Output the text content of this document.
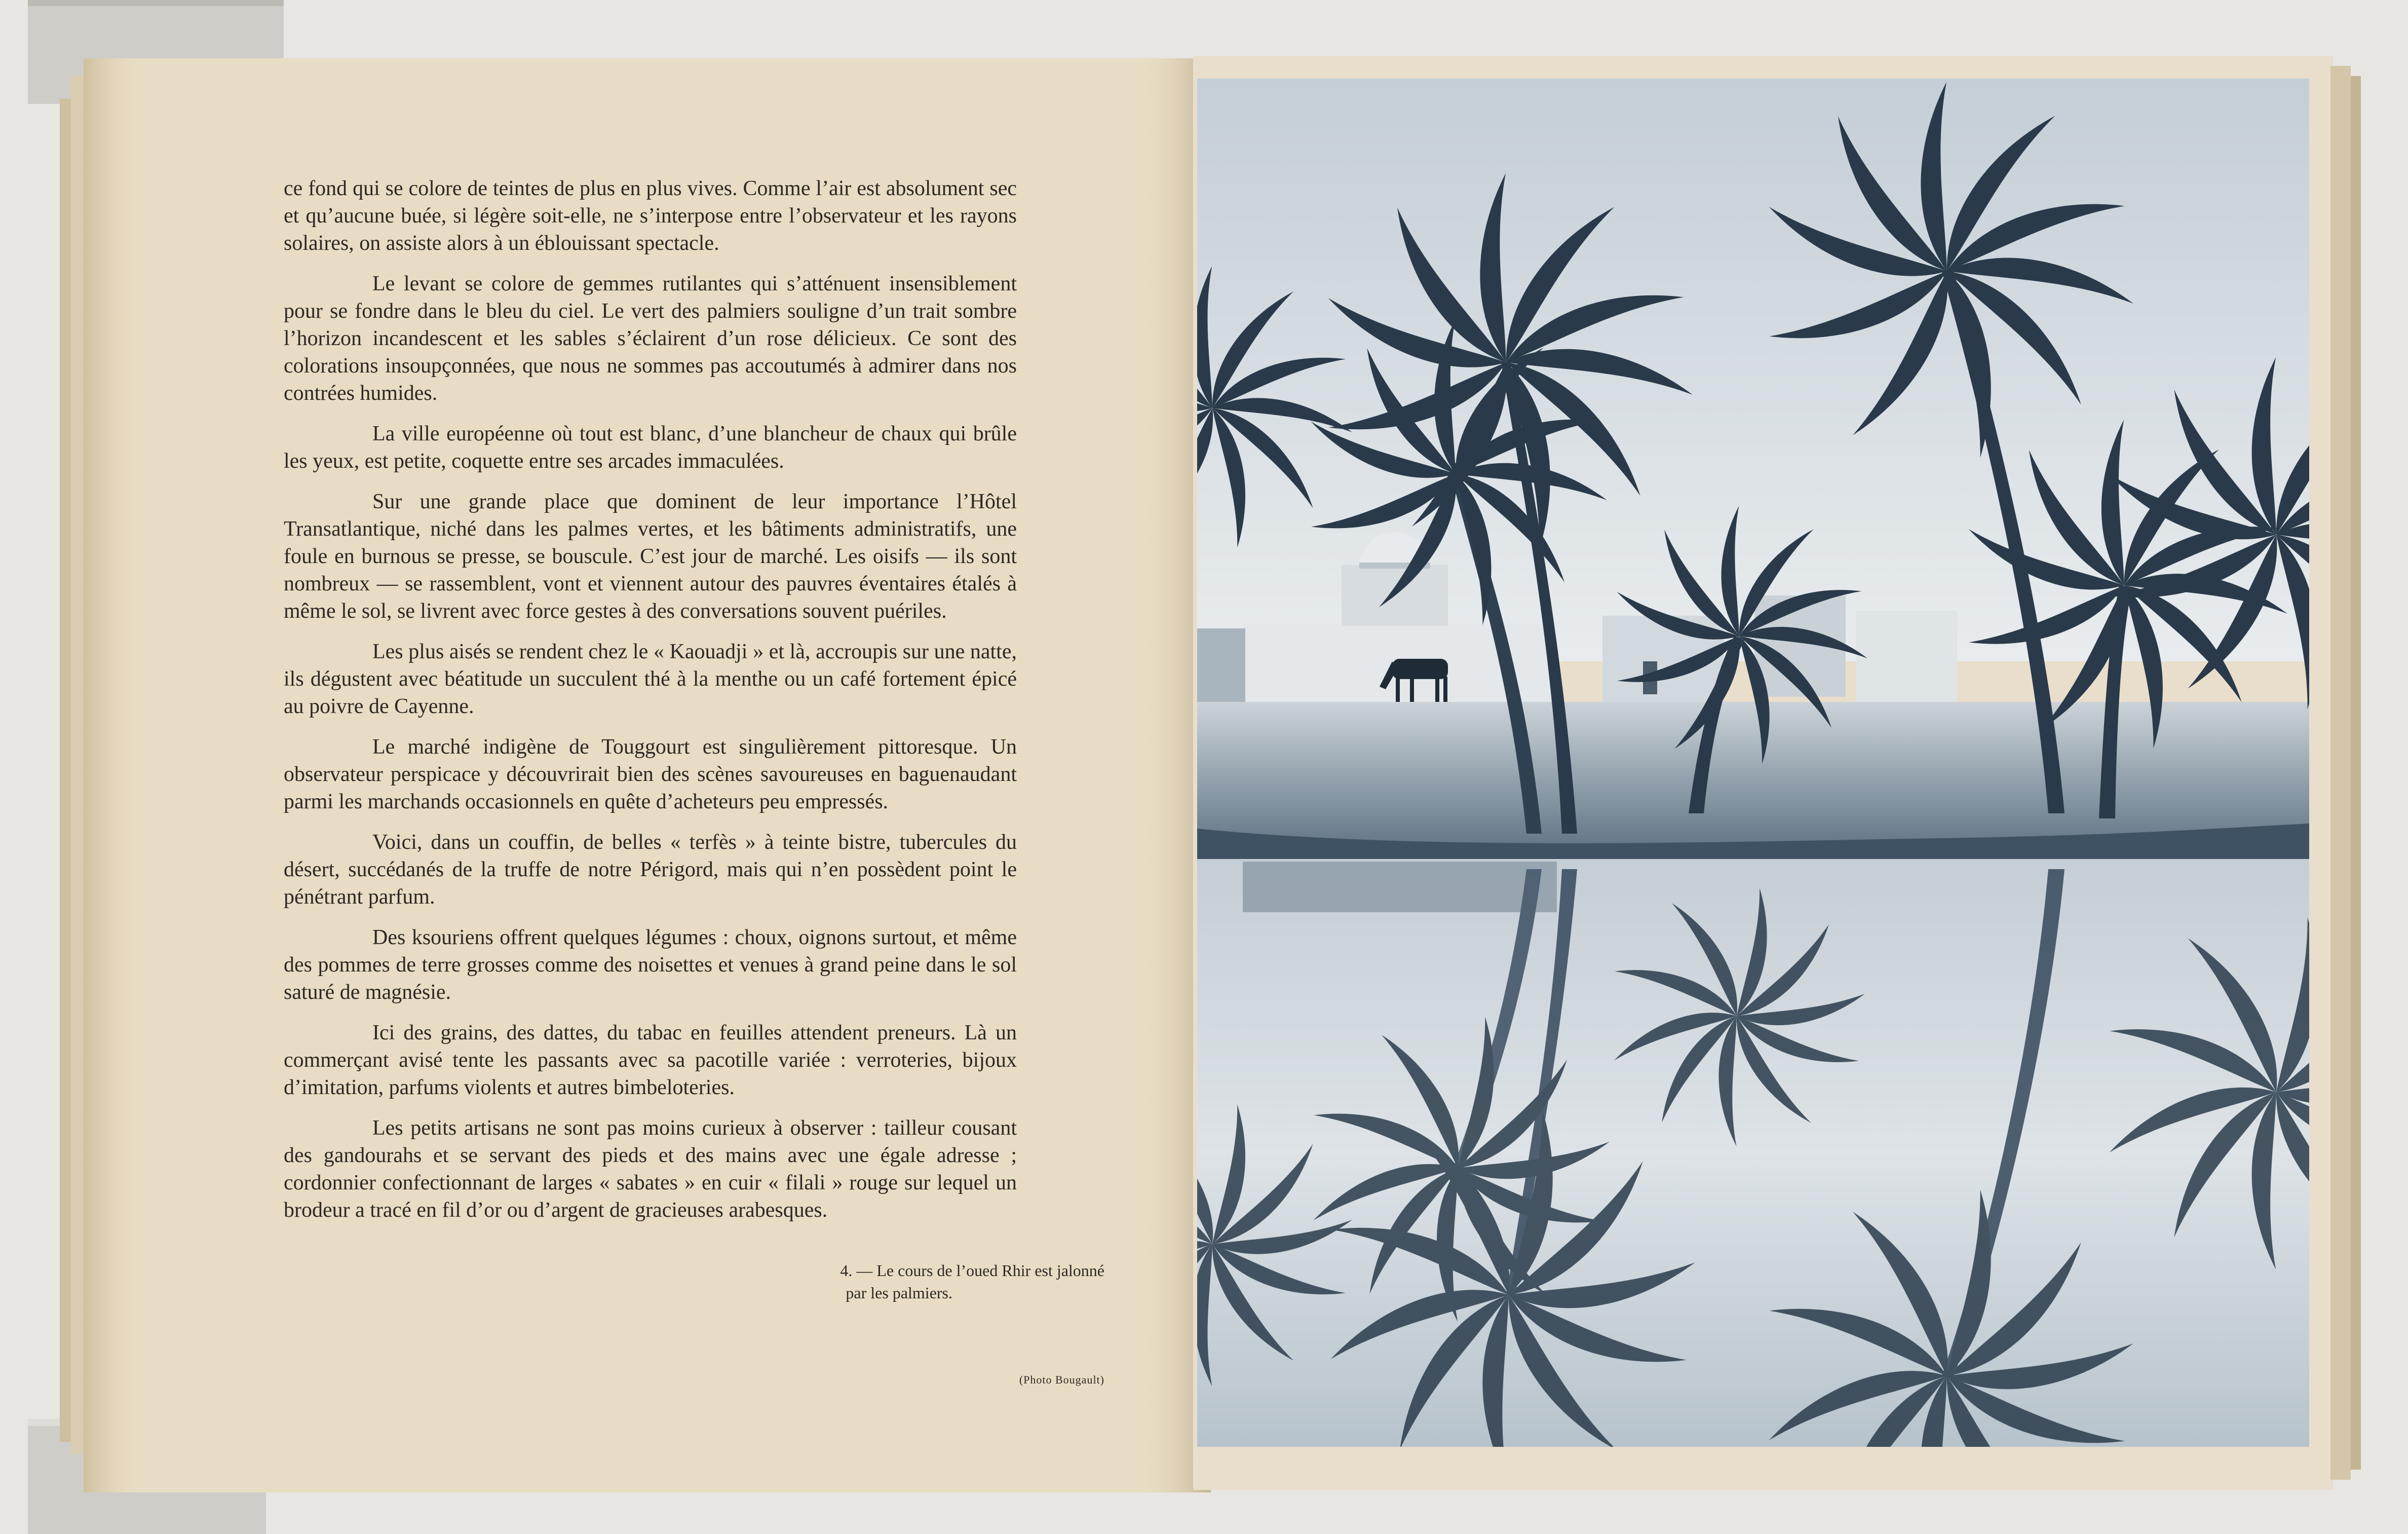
ce fond qui se colore de teintes de plus en plus vives. Comme l’air est absolument sec et qu’aucune buée, si légère soit-elle, ne s’interpose entre l’observateur et les rayons solaires, on assiste alors à un éblouissant spectacle.

Le levant se colore de gemmes rutilantes qui s’atténuent insensiblement pour se fondre dans le bleu du ciel. Le vert des palmiers souligne d’un trait sombre l’horizon incandescent et les sables s’éclairent d’un rose délicieux. Ce sont des colorations insoupçonnées, que nous ne sommes pas accoutumés à admirer dans nos contrées humides.

La ville européenne où tout est blanc, d’une blancheur de chaux qui brûle les yeux, est petite, coquette entre ses arcades immaculées.

Sur une grande place que dominent de leur importance l’Hôtel Transatlantique, niché dans les palmes vertes, et les bâtiments administratifs, une foule en burnous se presse, se bouscule. C’est jour de marché. Les oisifs — ils sont nombreux — se rassemblent, vont et viennent autour des pauvres éventaires étalés à même le sol, se livrent avec force gestes à des conversations souvent puériles.

Les plus aisés se rendent chez le « Kaouadji » et là, accroupis sur une natte, ils dégustent avec béatitude un succulent thé à la menthe ou un café fortement épicé au poivre de Cayenne.

Le marché indigène de Touggourt est singulièrement pittoresque. Un observateur perspicace y découvrirait bien des scènes savoureuses en baguenaudant parmi les marchands occasionnels en quête d’acheteurs peu empressés.

Voici, dans un couffin, de belles « terfès » à teinte bistre, tubercules du désert, succédanés de la truffe de notre Périgord, mais qui n’en possèdent point le pénétrant parfum.

Des ksouriens offrent quelques légumes : choux, oignons surtout, et même des pommes de terre grosses comme des noisettes et venues à grand peine dans le sol saturé de magnésie.

Ici des grains, des dattes, du tabac en feuilles attendent preneurs. Là un commerçant avisé tente les passants avec sa pacotille variée : verroteries, bijoux d’imitation, parfums violents et autres bimbeloteries.

Les petits artisans ne sont pas moins curieux à observer : tailleur cousant des gandourahs et se servant des pieds et des mains avec une égale adresse ; cordonnier confectionnant de larges « sabates » en cuir « filali » rouge sur lequel un brodeur a tracé en fil d’or ou d’argent de gracieuses arabesques.

4. — Le cours de l’oued Rhir est jalonné
par les palmiers.
(Photo Bougault)
